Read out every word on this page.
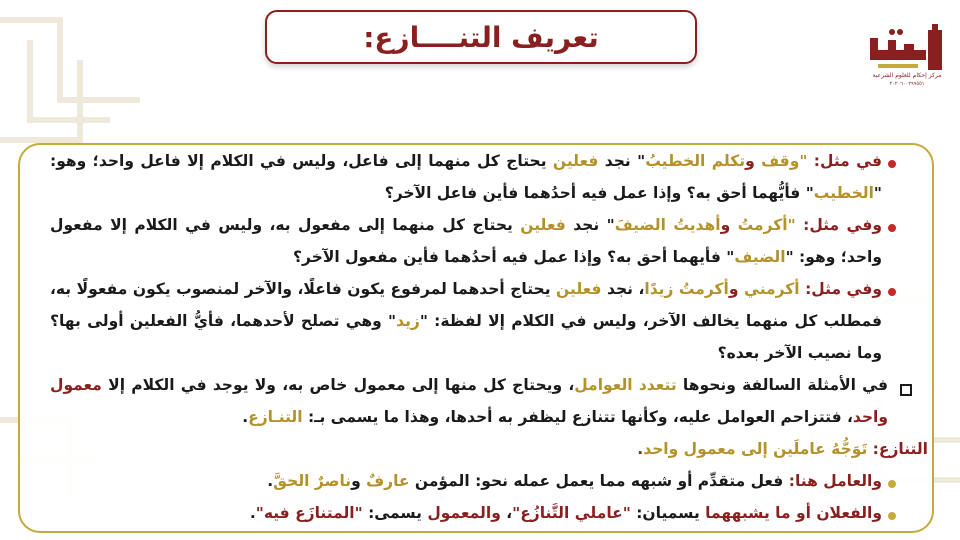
تعريف التنــــازع:
مركز إحكام للعلوم الشرعية
٢٠٢٠٦٠٠٢٩٩٥٥١
في مثل: "وقف وتكلم الخطيبُ" نجد فعلين يحتاج كل منهما إلى فاعل، وليس في الكلام إلا فاعل واحد؛ وهو: "الخطيب" فأيُّهما أحق به؟ وإذا عمل فيه أحدُهما فأين فاعل الآخر؟
وفي مثل: "أكرمتُ وأهديتُ الضيفَ" نجد فعلين يحتاج كل منهما إلى مفعول به، وليس في الكلام إلا مفعول واحد؛ وهو: "الضيف" فأيهما أحق به؟ وإذا عمل فيه أحدُهما فأين مفعول الآخر؟
وفي مثل: أكرمني وأكرمتُ زيدًا، نجد فعلين يحتاج أحدهما لمرفوع يكون فاعلًا، والآخر لمنصوب يكون مفعولًا به، فمطلب كل منهما يخالف الآخر، وليس في الكلام إلا لفظة: "زيد" وهي تصلح لأحدهما، فأيُّ الفعلين أولى بها؟ وما نصيب الآخر بعده؟
في الأمثلة السالفة ونحوها تتعدد العوامل، ويحتاج كل منها إلى معمول خاص به، ولا يوجد في الكلام إلا معمول واحد، فتتزاحم العوامل عليه، وكأنها تتنازع ليظفر به أحدها، وهذا ما يسمى بـ: التنـازع.
التنازع: تَوَجُّهُ عاملَين إلى معمول واحد.
والعامل هنا: فعل متقدِّم أو شبهه مما يعمل عمله نحو: المؤمن عارفٌ وناصرٌ الحقَّ.
والفعلان أو ما يشبههما يسميان: "عاملي التَّنازُع"، والمعمول يسمى: "المتنازَع فيه".
